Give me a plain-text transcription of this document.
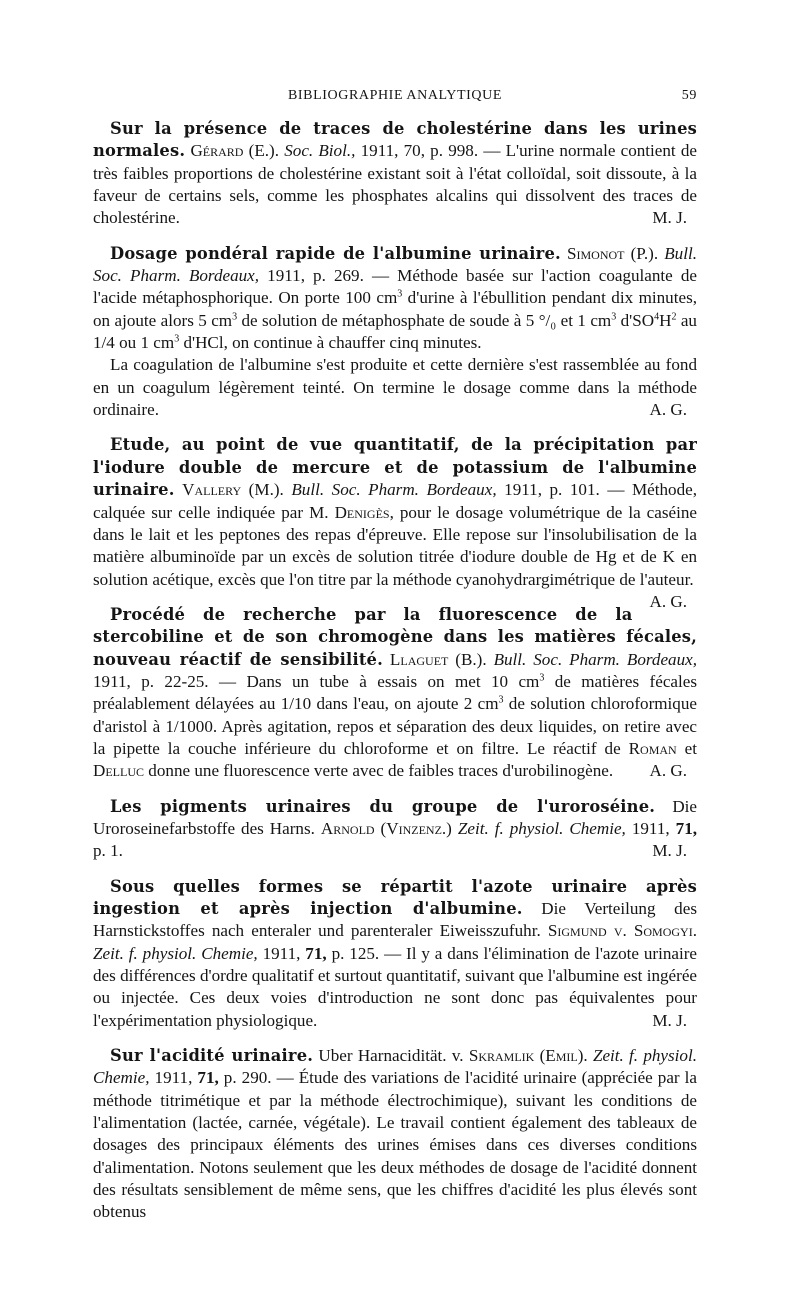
BIBLIOGRAPHIE ANALYTIQUE	59

Sur la présence de traces de cholestérine dans les urines normales. Gérard (E.). Soc. Biol., 1911, 70, p. 998. — L'urine normale contient de très faibles proportions de cholestérine existant soit à l'état colloïdal, soit dissoute, à la faveur de certains sels, comme les phosphates alcalins qui dissolvent des traces de cholestérine.	M. J.

Dosage pondéral rapide de l'albumine urinaire. Simonot (P.). Bull. Soc. Pharm. Bordeaux, 1911, p. 269. — Méthode basée sur l'action coagulante de l'acide métaphosphorique. On porte 100 $cm^3$ d'urine à l'ébullition pendant dix minutes, on ajoute alors 5 $cm^3$ de solution de métaphosphate de soude à 5 °/₀ et 1 $cm^3$ $d'SO^4H^2$ au 1/4 ou 1 $cm^3$ d'HCl, on continue à chauffer cinq minutes.

La coagulation de l'albumine s'est produite et cette dernière s'est rassemblée au fond en un coagulum légèrement teinté. On termine le dosage comme dans la méthode ordinaire.	A. G.

Etude, au point de vue quantitatif, de la précipitation par l'iodure double de mercure et de potassium de l'albumine urinaire. Vallery (M.). Bull. Soc. Pharm. Bordeaux, 1911, p. 101. — Méthode, calquée sur celle indiquée par M. Denigès, pour le dosage volumétrique de la caséine dans le lait et les peptones des repas d'épreuve. Elle repose sur l'insolubilisation de la matière albuminoïde par un excès de solution titrée d'iodure double de Hg et de K en solution acétique, excès que l'on titre par la méthode cyanohydrargimétrique de l'auteur.
A. G.

Procédé de recherche par la fluorescence de la stercobiline et de son chromogène dans les matières fécales, nouveau réactif de sensibilité. Llaguet (B.). Bull. Soc. Pharm. Bordeaux, 1911, p. 22-25. — Dans un tube à essais on met 10 $cm^3$ de matières fécales préalablement délayées au 1/10 dans l'eau, on ajoute 2 $cm^3$ de solution chloroformique d'aristol à 1/1000. Après agitation, repos et séparation des deux liquides, on retire avec la pipette la couche inférieure du chloroforme et on filtre. Le réactif de Roman et Delluc donne une fluorescence verte avec de faibles traces d'urobilinogène.	A. G.

Les pigments urinaires du groupe de l'uroroséine. Die Uroroseinefarbstoffe des Harns. Arnold (Vinzenz.) Zeit. f. physiol. Chemie, 1911, 71, p. 1.	M. J.

Sous quelles formes se répartit l'azote urinaire après ingestion et après injection d'albumine. Die Verteilung des Harnstickstoffes nach enteraler und parenteraler Eiweisszufuhr. Sigmund v. Somogyi. Zeit. f. physiol. Chemie, 1911, 71, p. 125. — Il y a dans l'élimination de l'azote urinaire des différences d'ordre qualitatif et surtout quantitatif, suivant que l'albumine est ingérée ou injectée. Ces deux voies d'introduction ne sont donc pas équivalentes pour l'expérimentation physiologique.	M. J.

Sur l'acidité urinaire. Uber Harnacidität. v. Skramlik (Emil). Zeit. f. physiol. Chemie, 1911, 71, p. 290. — Étude des variations de l'acidité urinaire (appréciée par la méthode titrimétique et par la méthode électrochimique), suivant les conditions de l'alimentation (lactée, carnée, végétale). Le travail contient également des tableaux de dosages des principaux éléments des urines émises dans ces diverses conditions d'alimentation. Notons seulement que les deux méthodes de dosage de l'acidité donnent des résultats sensiblement de même sens, que les chiffres d'acidité les plus élevés sont obtenus
